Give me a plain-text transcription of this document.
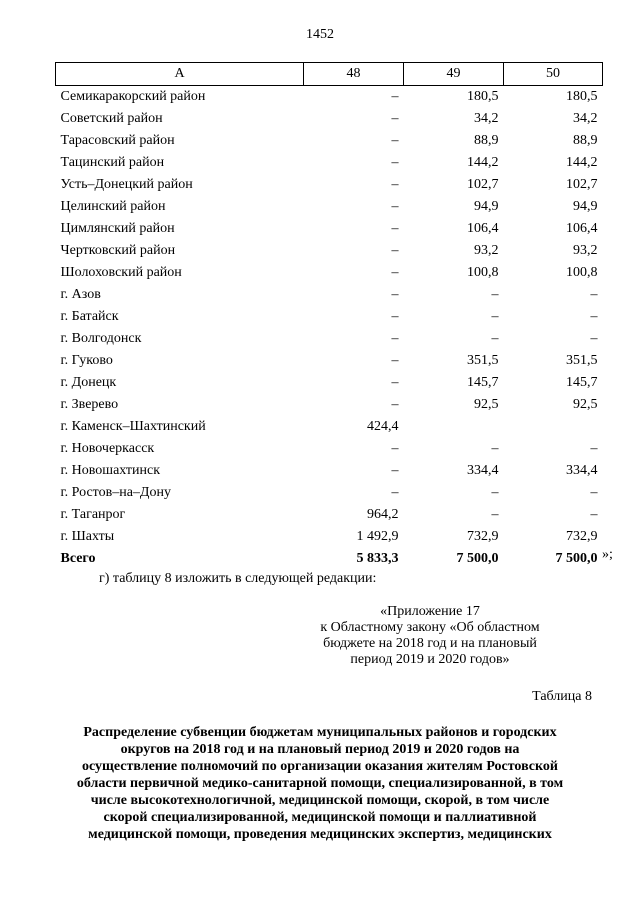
1452
А	48	49	50
Семикаракорский район	–	180,5	180,5
Советский район	–	34,2	34,2
Тарасовский район	–	88,9	88,9
Тацинский район	–	144,2	144,2
Усть–Донецкий район	–	102,7	102,7
Целинский район	–	94,9	94,9
Цимлянский район	–	106,4	106,4
Чертковский район	–	93,2	93,2
Шолоховский район	–	100,8	100,8
г. Азов	–	–	–
г. Батайск	–	–	–
г. Волгодонск	–	–	–
г. Гуково	–	351,5	351,5
г. Донецк	–	145,7	145,7
г. Зверево	–	92,5	92,5
г. Каменск–Шахтинский	424,4		
г. Новочеркасск	–	–	–
г. Новошахтинск	–	334,4	334,4
г. Ростов–на–Дону	–	–	–
г. Таганрог	964,2	–	–
г. Шахты	1 492,9	732,9	732,9
Всего	5 833,3	7 500,0	7 500,0 »;
г) таблицу 8 изложить в следующей редакции:
«Приложение 17
к Областному закону «Об областном
бюджете на 2018 год и на плановый
период 2019 и 2020 годов»
Таблица 8
Распределение субвенции бюджетам муниципальных районов и городских
округов на 2018 год и на плановый период 2019 и 2020 годов на
осуществление полномочий по организации оказания жителям Ростовской
области первичной медико-санитарной помощи, специализированной, в том
числе высокотехнологичной, медицинской помощи, скорой, в том числе
скорой специализированной, медицинской помощи и паллиативной
медицинской помощи, проведения медицинских экспертиз, медицинских
